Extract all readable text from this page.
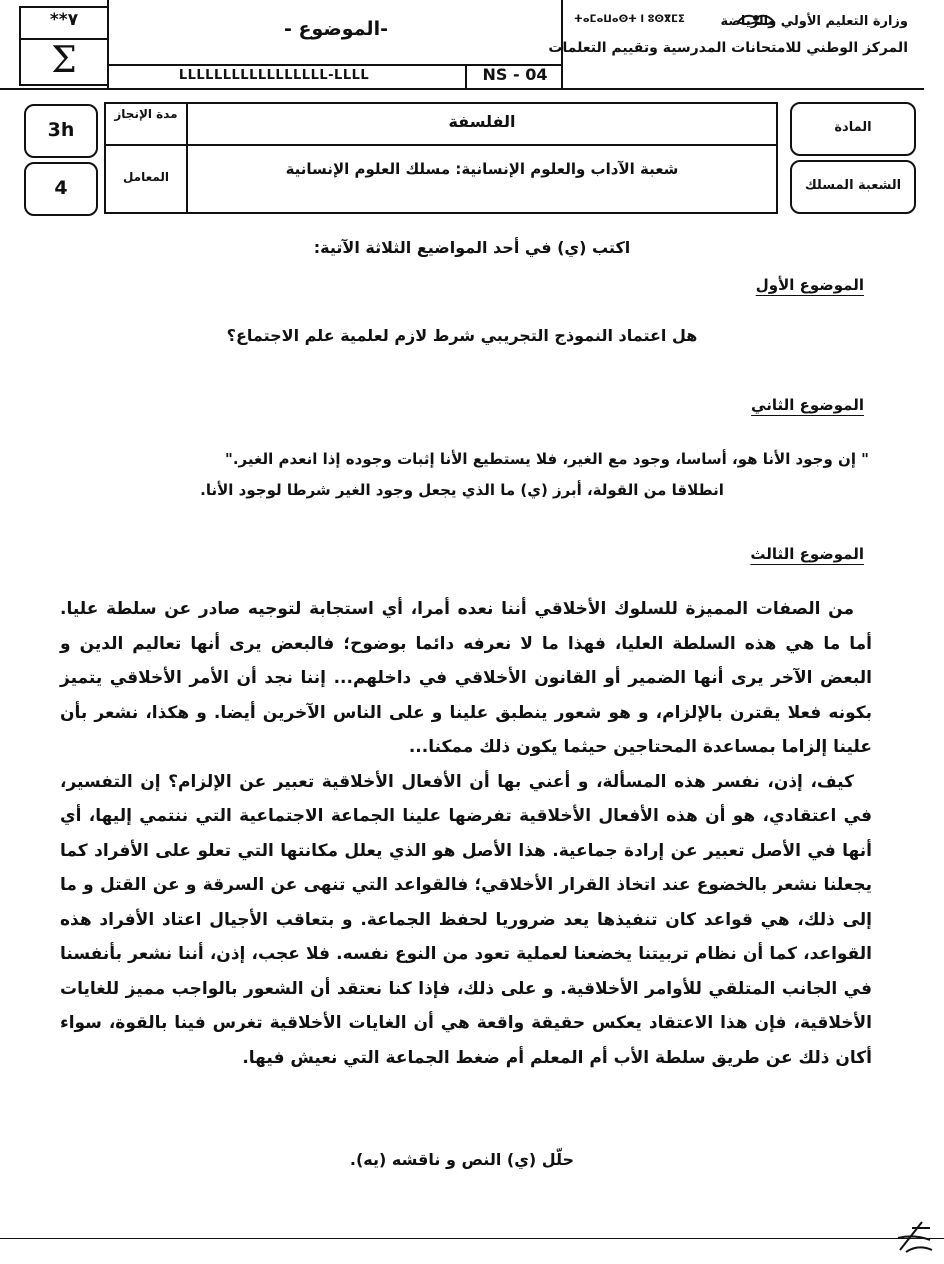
**٧
Σ
-الموضوع -
LLLLLLLLLLLLLLLLL-LLLL	NS - 04
ⵜⴰⵎⴰⵡⴰⵙⵜ ⵏ ⵓⵙⴳⵎⵉ	وزارة التعليم الأولي والرياضة
المركز الوطني للامتحانات المدرسية وتقييم التعلمات
3h
4
مدة الإنجاز
المعامل
الفلسفة
شعبة الآداب والعلوم الإنسانية: مسلك العلوم الإنسانية
المادة
الشعبة المسلك
اكتب (ي) في أحد المواضيع الثلاثة الآتية:
الموضوع الأول
هل اعتماد النموذج التجريبي شرط لازم لعلمية علم الاجتماع؟
الموضوع الثاني
" إن وجود الأنا هو، أساسا، وجود مع الغير، فلا يستطيع الأنا إثبات وجوده إذا انعدم الغير."
انطلاقا من القولة، أبرز (ي) ما الذي يجعل وجود الغير شرطا لوجود الأنا.
الموضوع الثالث

من الصفات المميزة للسلوك الأخلاقي أننا نعده أمرا، أي استجابة لتوجيه صادر عن سلطة عليا. أما ما هي هذه السلطة العليا، فهذا ما لا نعرفه دائما بوضوح؛ فالبعض يرى أنها تعاليم الدين و البعض الآخر يرى أنها الضمير أو القانون الأخلاقي في داخلهم... إننا نجد أن الأمر الأخلاقي يتميز بكونه فعلا يقترن بالإلزام، و هو شعور ينطبق علينا و على الناس الآخرين أيضا. و هكذا، نشعر بأن علينا إلزاما بمساعدة المحتاجين حيثما يكون ذلك ممكنا...

كيف، إذن، نفسر هذه المسألة، و أعني بها أن الأفعال الأخلاقية تعبير عن الإلزام؟ إن التفسير، في اعتقادي، هو أن هذه الأفعال الأخلاقية تفرضها علينا الجماعة الاجتماعية التي ننتمي إليها، أي أنها في الأصل تعبير عن إرادة جماعية. هذا الأصل هو الذي يعلل مكانتها التي تعلو على الأفراد كما يجعلنا نشعر بالخضوع عند اتخاذ القرار الأخلاقي؛ فالقواعد التي تنهى عن السرقة و عن القتل و ما إلى ذلك، هي قواعد كان تنفيذها يعد ضروريا لحفظ الجماعة. و بتعاقب الأجيال اعتاد الأفراد هذه القواعد، كما أن نظام تربيتنا يخضعنا لعملية تعود من النوع نفسه. فلا عجب، إذن، أننا نشعر بأنفسنا في الجانب المتلقي للأوامر الأخلاقية. و على ذلك، فإذا كنا نعتقد أن الشعور بالواجب مميز للغايات الأخلاقية، فإن هذا الاعتقاد يعكس حقيقة واقعة هي أن الغايات الأخلاقية تغرس فينا بالقوة، سواء أكان ذلك عن طريق سلطة الأب أم المعلم أم ضغط الجماعة التي نعيش فيها.

حلّل (ي) النص و ناقشه (يه).
